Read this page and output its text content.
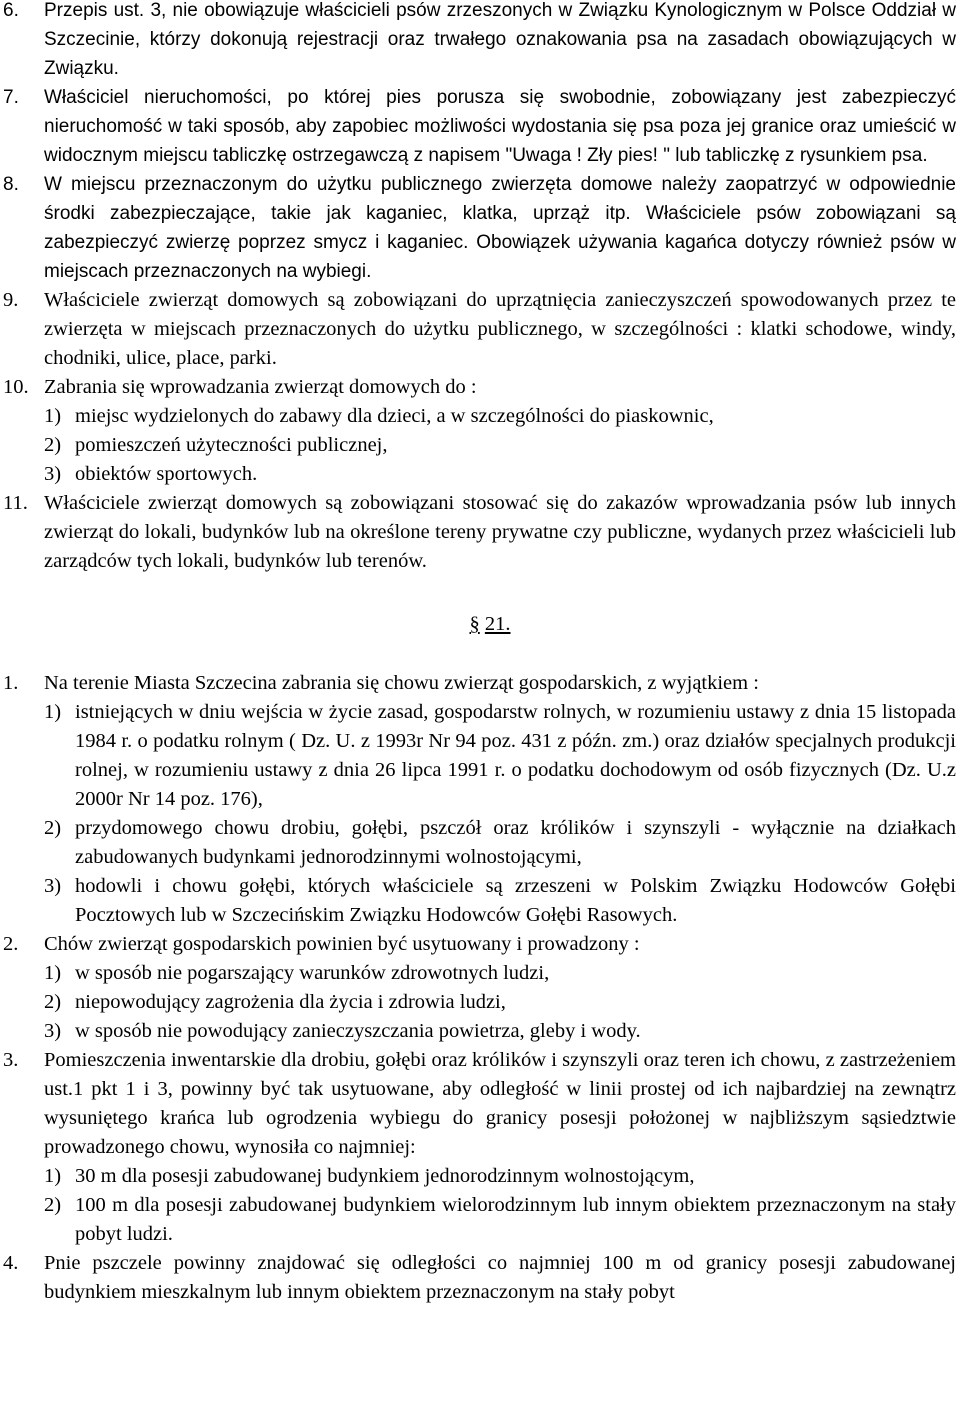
6. Przepis ust. 3, nie obowiązuje właścicieli psów zrzeszonych w Związku Kynologicznym w Polsce Oddział w Szczecinie, którzy dokonują rejestracji oraz trwałego oznakowania psa na zasadach obowiązujących w Związku.
7. Właściciel nieruchomości, po której pies porusza się swobodnie, zobowiązany jest zabezpieczyć nieruchomość w taki sposób, aby zapobiec możliwości wydostania się psa poza jej granice oraz umieścić w widocznym miejscu tabliczkę ostrzegawczą z napisem "Uwaga ! Zły pies! " lub tabliczkę z rysunkiem psa.
8. W miejscu przeznaczonym do użytku publicznego zwierzęta domowe należy zaopatrzyć w odpowiednie środki zabezpieczające, takie jak kaganiec, klatka, uprząż itp. Właściciele psów zobowiązani są zabezpieczyć zwierzę poprzez smycz i kaganiec. Obowiązek używania kagańca dotyczy również psów w miejscach przeznaczonych na wybiegi.
9. Właściciele zwierząt domowych są zobowiązani do uprzątnięcia zanieczyszczeń spowodowanych przez te zwierzęta w miejscach przeznaczonych do użytku publicznego, w szczególności : klatki schodowe, windy, chodniki, ulice, place, parki.
10. Zabrania się wprowadzania zwierząt domowych do :
1) miejsc wydzielonych do zabawy dla dzieci, a w szczególności do piaskownic,
2) pomieszczeń użyteczności publicznej,
3) obiektów sportowych.
11. Właściciele zwierząt domowych są zobowiązani stosować się do zakazów wprowadzania psów lub innych zwierząt do lokali, budynków lub na określone tereny prywatne czy publiczne, wydanych przez właścicieli lub zarządców tych lokali, budynków lub terenów.
§ 21.
1. Na terenie Miasta Szczecina zabrania się chowu zwierząt gospodarskich, z wyjątkiem :
1) istniejących w dniu wejścia w życie zasad, gospodarstw rolnych, w rozumieniu ustawy z dnia 15 listopada 1984 r. o podatku rolnym ( Dz. U. z 1993r Nr 94 poz. 431 z późn. zm.) oraz działów specjalnych produkcji rolnej, w rozumieniu ustawy z dnia 26 lipca 1991 r. o podatku dochodowym od osób fizycznych (Dz. U.z 2000r Nr 14 poz. 176),
2) przydomowego chowu drobiu, gołębi, pszczół oraz królików i szynszyli - wyłącznie na działkach zabudowanych budynkami jednorodzinnymi wolnostojącymi,
3) hodowli i chowu gołębi, których właściciele są zrzeszeni w Polskim Związku Hodowców Gołębi Pocztowych lub w Szczecińskim Związku Hodowców Gołębi Rasowych.
2. Chów zwierząt gospodarskich powinien być usytuowany i prowadzony :
1) w sposób nie pogarszający warunków zdrowotnych ludzi,
2) niepowodujący zagrożenia dla życia i zdrowia ludzi,
3) w sposób nie powodujący zanieczyszczania powietrza, gleby i wody.
3. Pomieszczenia inwentarskie dla drobiu, gołębi oraz królików i szynszyli oraz teren ich chowu, z zastrzeżeniem ust.1 pkt 1 i 3, powinny być tak usytuowane, aby odległość w linii prostej od ich najbardziej na zewnątrz wysuniętego krańca lub ogrodzenia wybiegu do granicy posesji położonej w najbliższym sąsiedztwie prowadzonego chowu, wynosiła co najmniej:
1) 30 m dla posesji zabudowanej budynkiem jednorodzinnym wolnostojącym,
2) 100 m dla posesji zabudowanej budynkiem wielorodzinnym lub innym obiektem przeznaczonym na stały pobyt ludzi.
4. Pnie pszczele powinny znajdować się odległości co najmniej 100 m od granicy posesji zabudowanej budynkiem mieszkalnym lub innym obiektem przeznaczonym na stały pobyt
